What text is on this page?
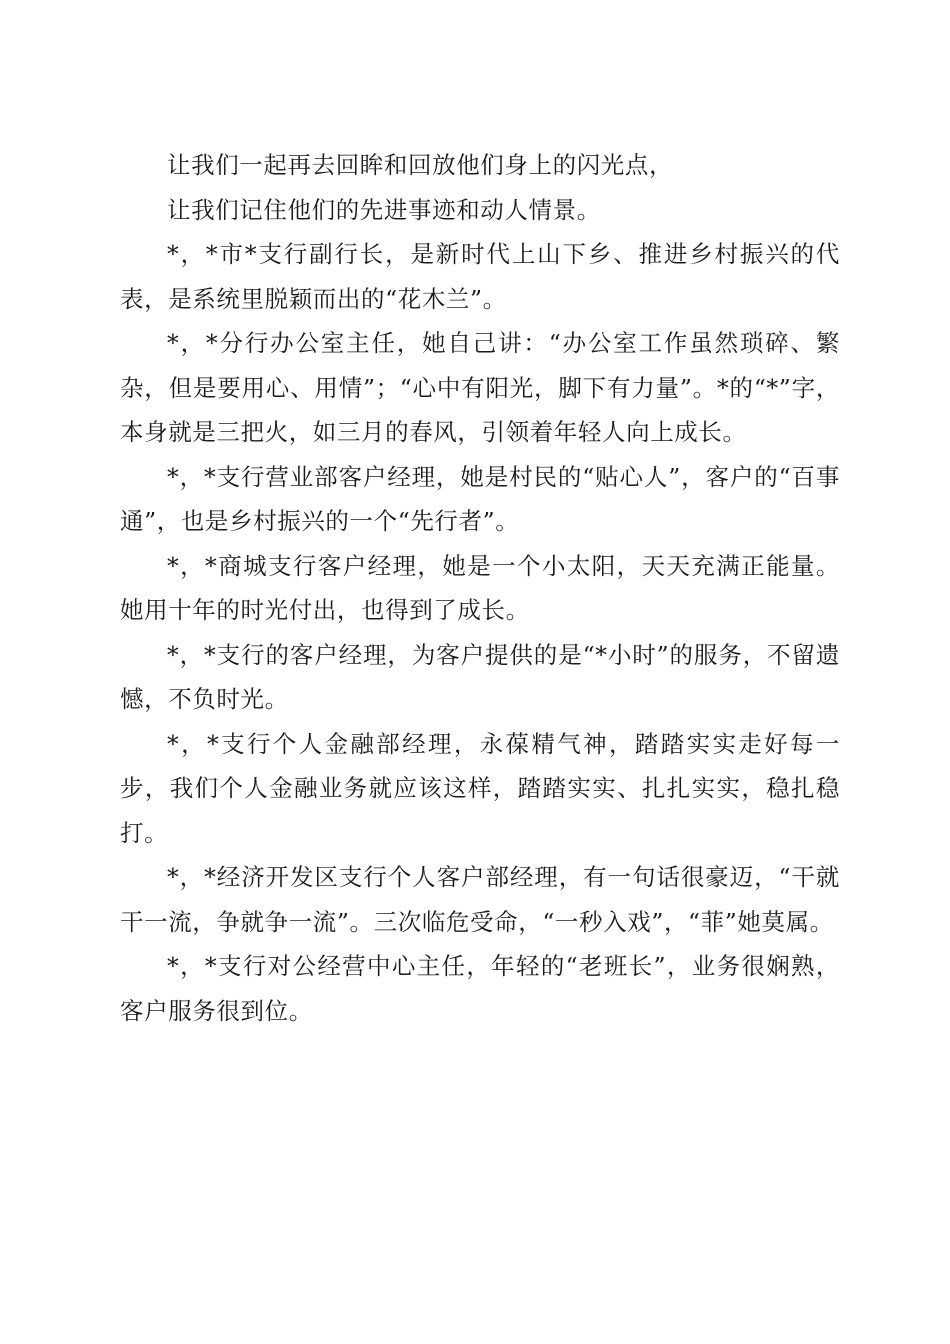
让我们一起再去回眸和回放他们身上的闪光点，

让我们记住他们的先进事迹和动人情景。

*，*市*支行副行长，是新时代上山下乡、推进乡村振兴的代表，是系统里脱颖而出的“花木兰”。

*，*分行办公室主任，她自己讲：“办公室工作虽然琐碎、繁杂，但是要用心、用情”；“心中有阳光，脚下有力量”。*的“*”字，本身就是三把火，如三月的春风，引领着年轻人向上成长。

*，*支行营业部客户经理，她是村民的“贴心人”，客户的“百事通”，也是乡村振兴的一个“先行者”。

*，*商城支行客户经理，她是一个小太阳，天天充满正能量。她用十年的时光付出，也得到了成长。

*，*支行的客户经理，为客户提供的是“*小时”的服务，不留遗憾，不负时光。

*，*支行个人金融部经理，永葆精气神，踏踏实实走好每一步，我们个人金融业务就应该这样，踏踏实实、扎扎实实，稳扎稳打。

*，*经济开发区支行个人客户部经理，有一句话很豪迈，“干就干一流，争就争一流”。三次临危受命，“一秒入戏”，“菲”她莫属。

*，*支行对公经营中心主任，年轻的“老班长”，业务很娴熟，客户服务很到位。
